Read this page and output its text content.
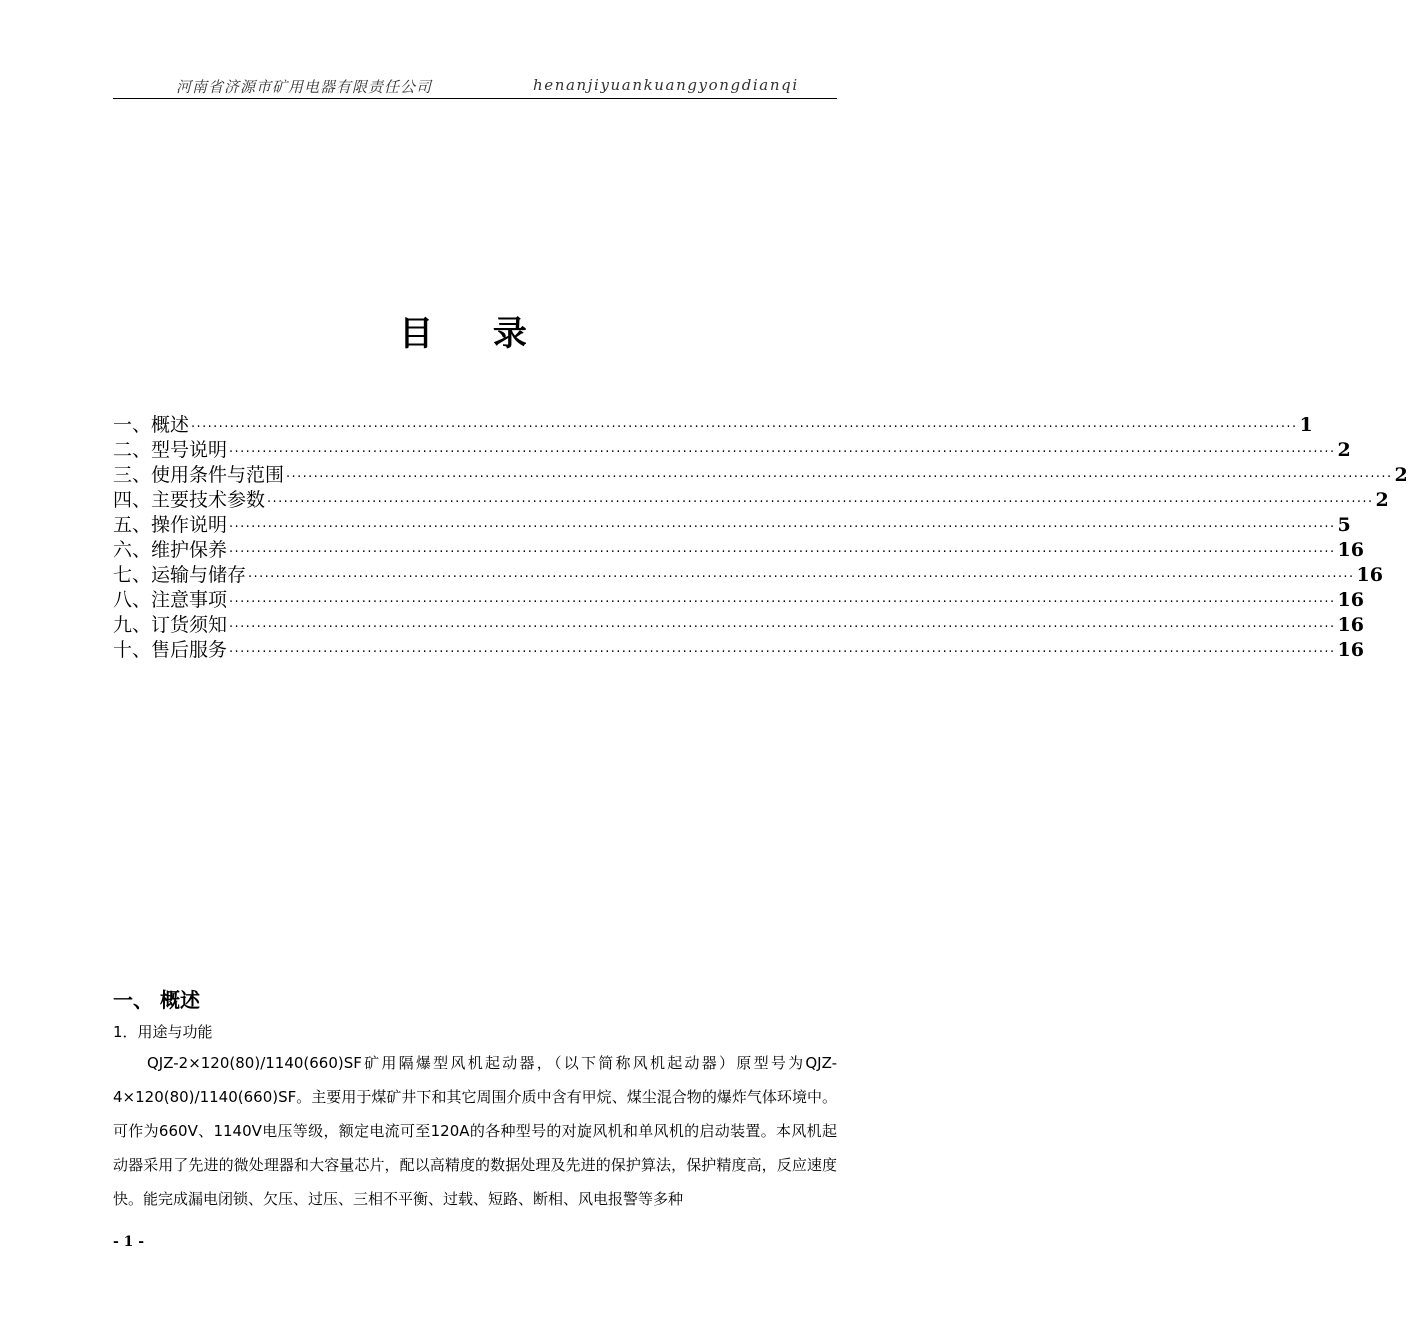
河南省济源市矿用电器有限责任公司	henanjiyuankuangyongdianqi
目 录
一、概述 ········································································································································································································ 1
二、型号说明 ········································································································································································································ 2
三、使用条件与范围 ········································································································································································································ 2
四、主要技术参数 ········································································································································································································ 2
五、操作说明 ········································································································································································································ 5
六、维护保养 ········································································································································································································ 16
七、运输与储存 ········································································································································································································ 16
八、注意事项 ········································································································································································································ 16
九、订货须知 ········································································································································································································ 16
十、售后服务 ········································································································································································································ 16
一、 概述
1．用途与功能
QJZ-2×120(80)/1140(660)SF矿用隔爆型风机起动器，（以下简称风机起动器）原型号为QJZ-4×120(80)/1140(660)SF。主要用于煤矿井下和其它周围介质中含有甲烷、煤尘混合物的爆炸气体环境中。可作为660V、1140V电压等级，额定电流可至120A的各种型号的对旋风机和单风机的启动装置。本风机起动器采用了先进的微处理器和大容量芯片，配以高精度的数据处理及先进的保护算法，保护精度高，反应速度快。能完成漏电闭锁、欠压、过压、三相不平衡、过载、短路、断相、风电报警等多种
- 1 -
